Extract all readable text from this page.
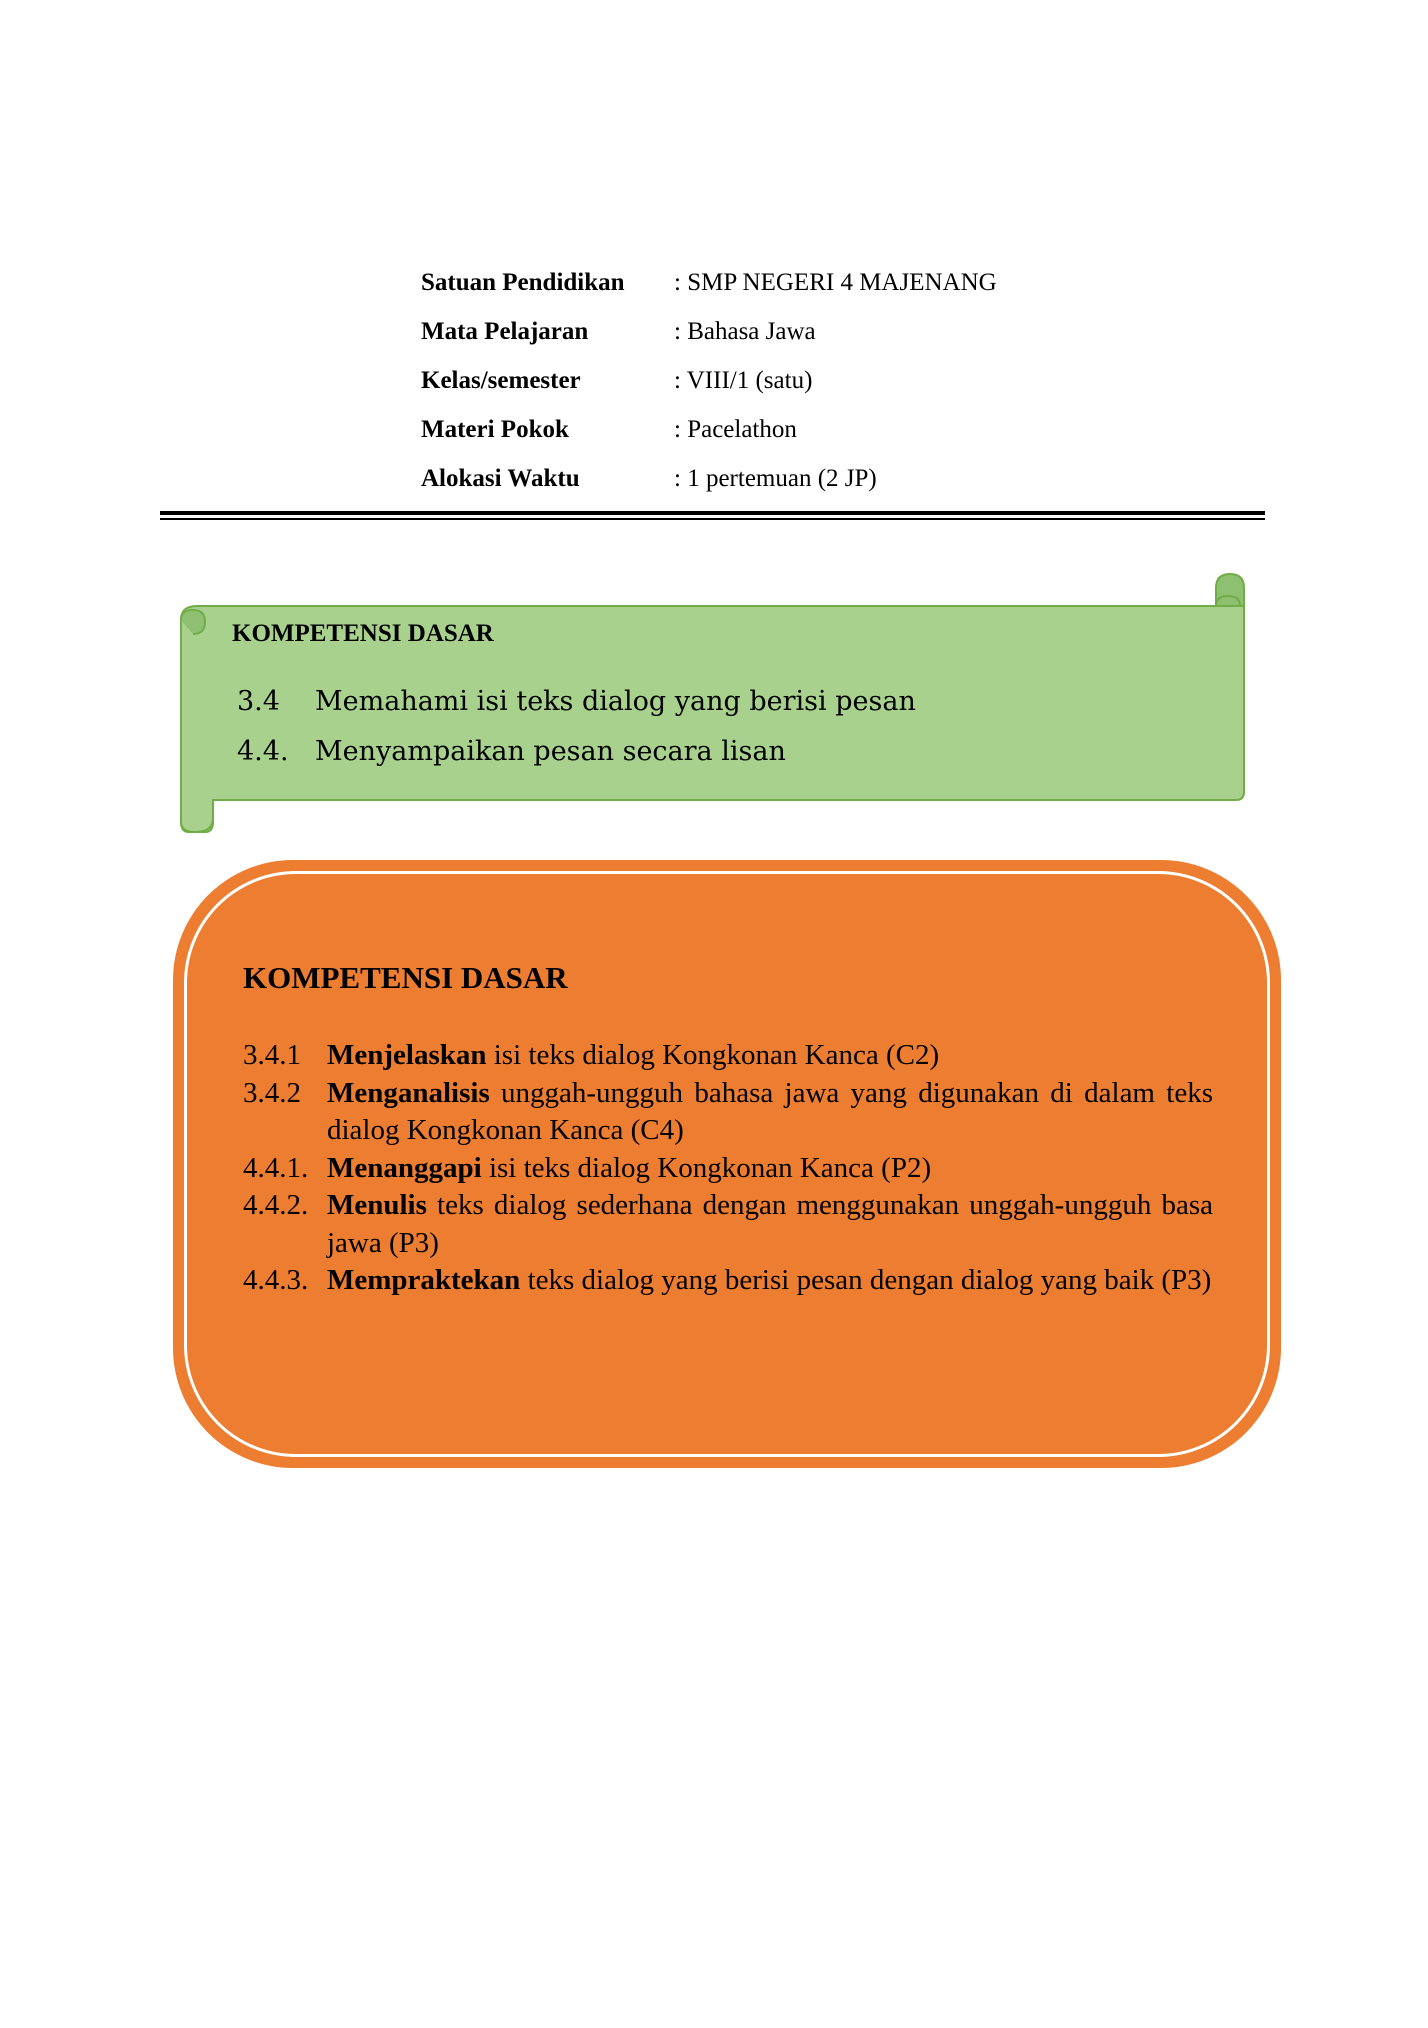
Satuan Pendidikan	: SMP NEGERI 4 MAJENANG
Mata Pelajaran	: Bahasa Jawa
Kelas/semester	: VIII/1 (satu)
Materi Pokok	: Pacelathon
Alokasi Waktu	: 1 pertemuan (2 JP)
KOMPETENSI DASAR
3.4	Memahami isi teks dialog yang berisi pesan
4.4. Menyampaikan pesan secara lisan
KOMPETENSI DASAR
3.4.1 Menjelaskan isi teks dialog Kongkonan Kanca (C2)
3.4.2 Menganalisis unggah-ungguh bahasa jawa yang digunakan di dalam teks dialog Kongkonan Kanca (C4)
4.4.1. Menanggapi isi teks dialog Kongkonan Kanca (P2)
4.4.2. Menulis teks dialog sederhana dengan menggunakan unggah-ungguh basa jawa (P3)
4.4.3. Mempraktekan teks dialog yang berisi pesan dengan dialog yang baik (P3)
